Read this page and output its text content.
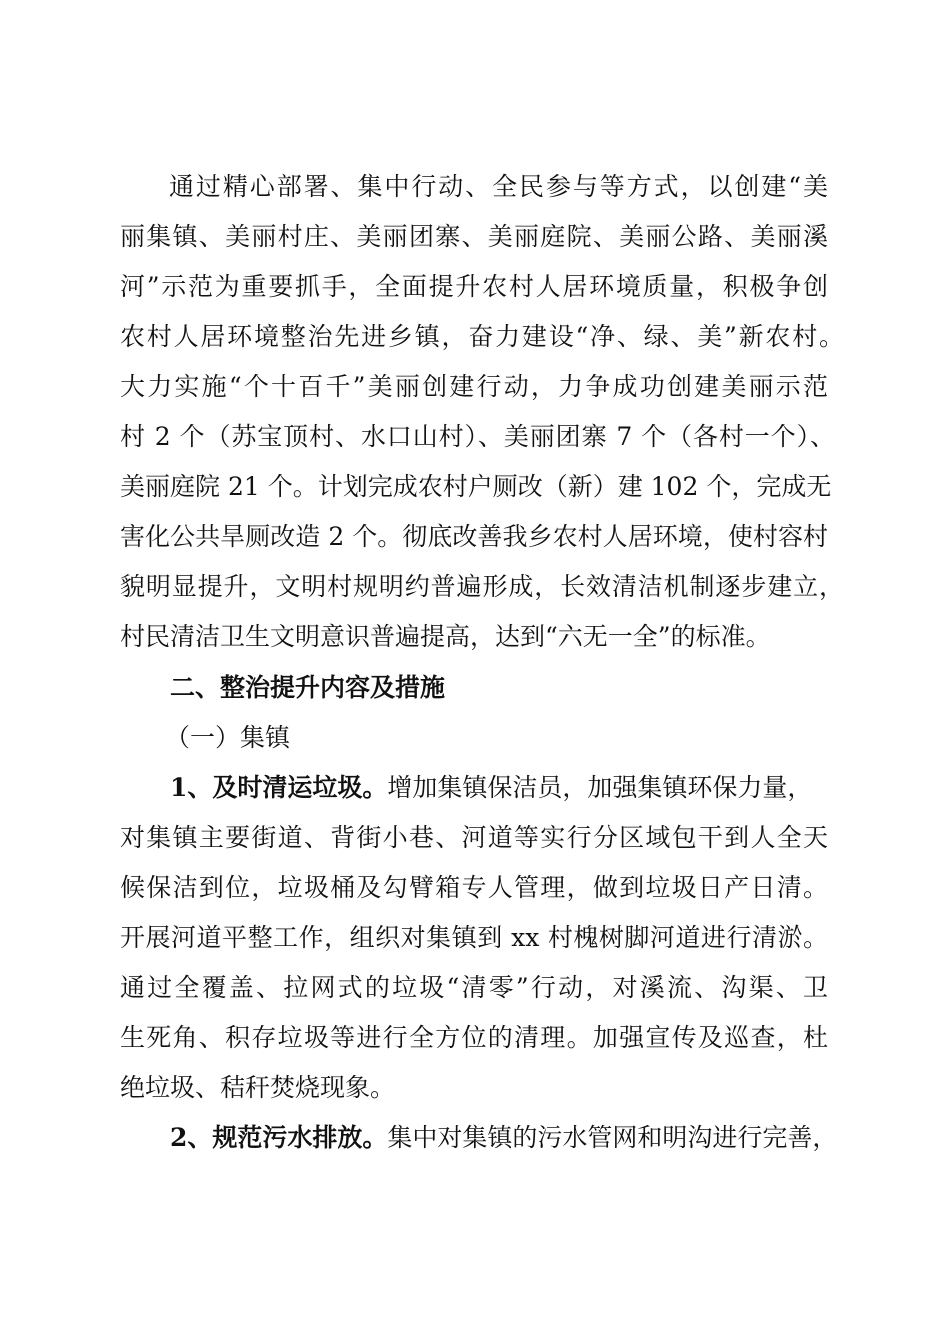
通过精心部署、集中行动、全民参与等方式，以创建“美
丽集镇、美丽村庄、美丽团寨、美丽庭院、美丽公路、美丽溪
河”示范为重要抓手，全面提升农村人居环境质量，积极争创
农村人居环境整治先进乡镇，奋力建设“净、绿、美”新农村。
大力实施“个十百千”美丽创建行动，力争成功创建美丽示范
村 2 个（苏宝顶村、水口山村）、美丽团寨 7 个（各村一个）、
美丽庭院 21 个。计划完成农村户厕改（新）建 102 个，完成无
害化公共旱厕改造 2 个。彻底改善我乡农村人居环境，使村容村
貌明显提升，文明村规明约普遍形成，长效清洁机制逐步建立，
村民清洁卫生文明意识普遍提高，达到“六无一全”的标准。
二、整治提升内容及措施
（一）集镇
1、及时清运垃圾。增加集镇保洁员，加强集镇环保力量，
对集镇主要街道、背街小巷、河道等实行分区域包干到人全天
候保洁到位，垃圾桶及勾臂箱专人管理，做到垃圾日产日清。
开展河道平整工作，组织对集镇到 xx 村槐树脚河道进行清淤。
通过全覆盖、拉网式的垃圾“清零”行动，对溪流、沟渠、卫
生死角、积存垃圾等进行全方位的清理。加强宣传及巡查，杜
绝垃圾、秸秆焚烧现象。
2、规范污水排放。集中对集镇的污水管网和明沟进行完善，
